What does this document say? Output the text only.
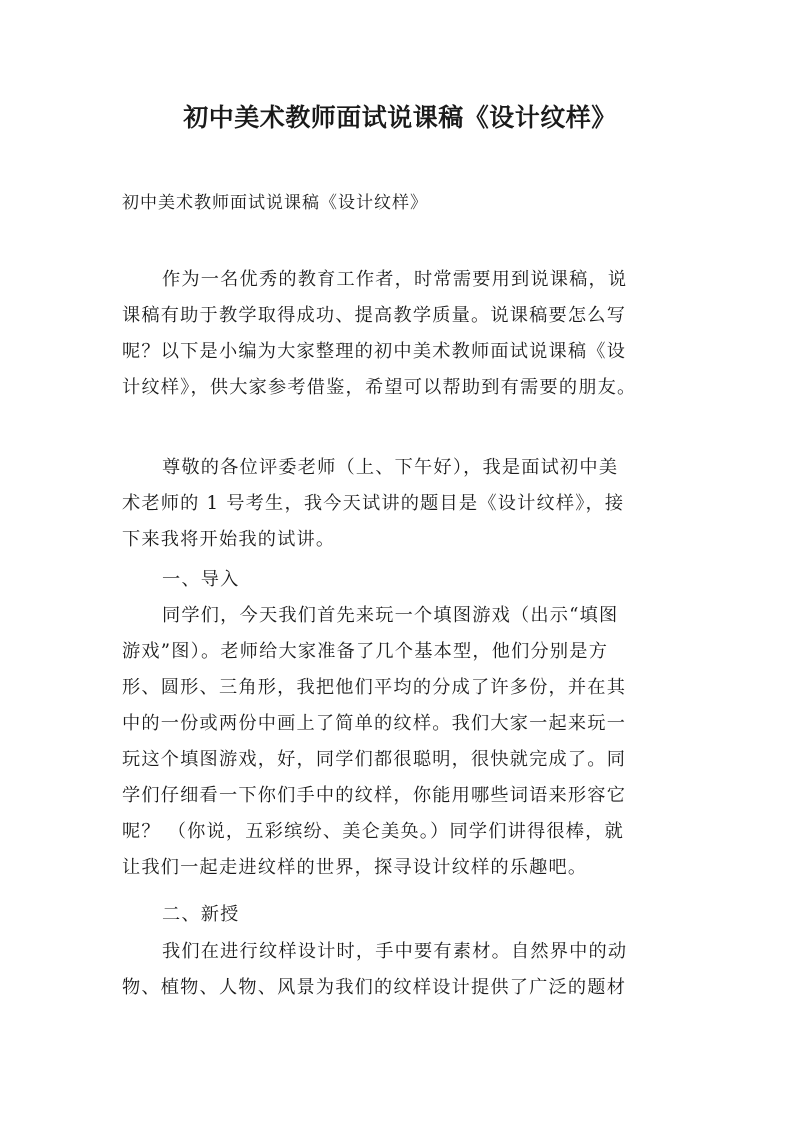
初中美术教师面试说课稿《设计纹样》
初中美术教师面试说课稿《设计纹样》
作为一名优秀的教育工作者，时常需要用到说课稿，说
课稿有助于教学取得成功、提高教学质量。说课稿要怎么写
呢？以下是小编为大家整理的初中美术教师面试说课稿《设
计纹样》，供大家参考借鉴，希望可以帮助到有需要的朋友。
尊敬的各位评委老师（上、下午好），我是面试初中美
术老师的 1 号考生，我今天试讲的题目是《设计纹样》，接
下来我将开始我的试讲。
一、导入
同学们，今天我们首先来玩一个填图游戏（出示“填图
游戏”图）。老师给大家准备了几个基本型，他们分别是方
形、圆形、三角形，我把他们平均的分成了许多份，并在其
中的一份或两份中画上了简单的纹样。我们大家一起来玩一
玩这个填图游戏，好，同学们都很聪明，很快就完成了。同
学们仔细看一下你们手中的纹样，你能用哪些词语来形容它
呢？ （你说，五彩缤纷、美仑美奂。）同学们讲得很棒，就
让我们一起走进纹样的世界，探寻设计纹样的乐趣吧。
二、新授
我们在进行纹样设计时，手中要有素材。自然界中的动
物、植物、人物、风景为我们的纹样设计提供了广泛的题材
